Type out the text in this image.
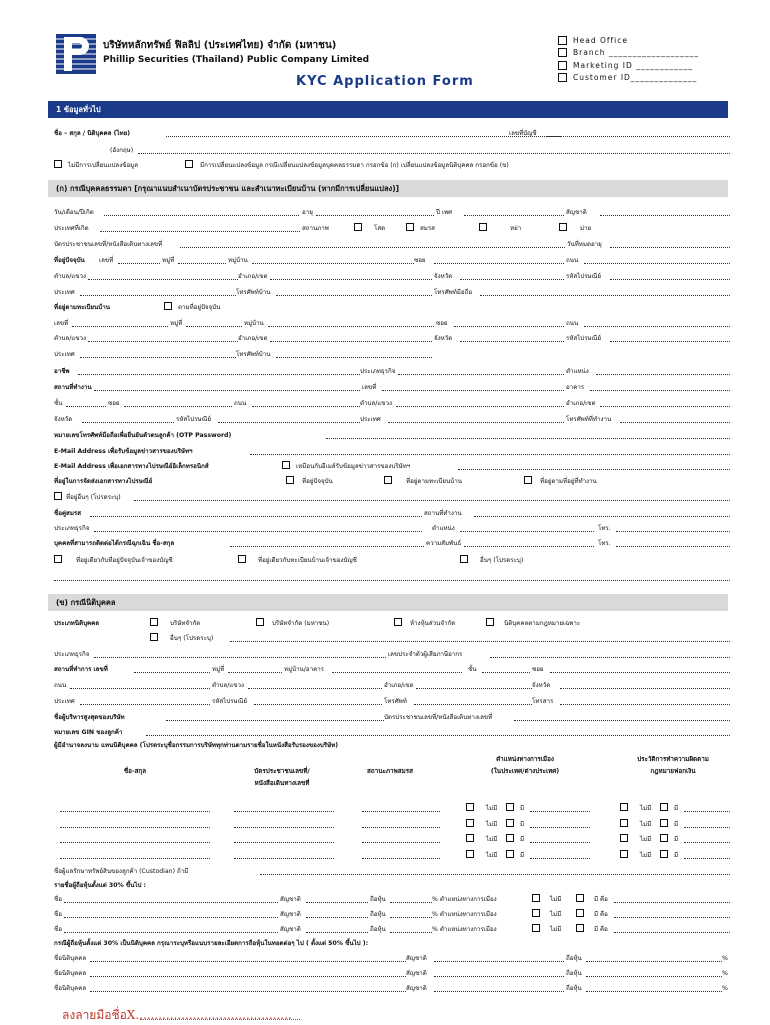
บริษัทหลักทรัพย์ ฟิลลิป (ประเทศไทย) จำกัด (มหาชน)
Phillip Securities (Thailand) Public Company Limited
KYC Application Form
Head Office
Branch ___________________
Marketing ID ____________
Customer ID______________
1 ข้อมูลทั่วไป
ชื่อ – สกุล / นิติบุคคล (ไทย)	เลขที่บัญชี
(อังกฤษ)
ไม่มีการเปลี่ยนแปลงข้อมูล	มีการเปลี่ยนแปลงข้อมูล กรณีเปลี่ยนแปลงข้อมูลบุคคลธรรมดา กรอกข้อ (ก) เปลี่ยนแปลงข้อมูลนิติบุคคล กรอกข้อ (ข)
(ก) กรณีบุคคลธรรมดา [กรุณาแนบสำเนาบัตรประชาชน และสำเนาทะเบียนบ้าน (หากมีการเปลี่ยนแปลง)]
วัน/เดือน/ปีเกิด	อายุ	ปี เพศ	สัญชาติ
ประเทศที่เกิด	สถานภาพ	โสด	สมรส	หย่า	ม่าย
บัตรประชาชนเลขที่/หนังสือเดินทางเลขที่	วันที่หมดอายุ
ที่อยู่ปัจจุบัน เลขที่	หมู่ที่	หมู่บ้าน	ซอย	ถนน
ตำบล/แขวง	อำเภอ/เขต	จังหวัด	รหัสไปรษณีย์
ประเทศ	โทรศัพท์บ้าน	โทรศัพท์มือถือ
ที่อยู่ตามทะเบียนบ้าน	ตามที่อยู่ปัจจุบัน
เลขที่	หมู่ที่	หมู่บ้าน	ซอย	ถนน
ตำบล/แขวง	อำเภอ/เขต	จังหวัด	รหัสไปรษณีย์
ประเทศ	โทรศัพท์บ้าน
อาชีพ	ประเภทธุรกิจ	ตำแหน่ง
สถานที่ทำงาน	เลขที่	อาคาร
ชั้น	ซอย	ถนน	ตำบล/แขวง	อำเภอ/เขต
จังหวัด	รหัสไปรษณีย์	ประเทศ	โทรศัพท์ที่ทำงาน
หมายเลขโทรศัพท์มือถือเพื่อยืนยันตัวตนลูกค้า (OTP Password)
E-Mail Address เพื่อรับข้อมูลข่าวสารของบริษัทฯ
E-Mail Address เพื่อเอกสารทางไปรษณีย์อิเล็กทรอนิกส์	เหมือนกับอีเมล์รับข้อมูลข่าวสารของบริษัทฯ
ที่อยู่ในการจัดส่งเอกสารทางไปรษณีย์	ที่อยู่ปัจจุบัน	ที่อยู่ตามทะเบียนบ้าน	ที่อยู่ตามที่อยู่ที่ทำงาน
ที่อยู่อื่นๆ (โปรดระบุ)
ชื่อคู่สมรส	สถานที่ทำงาน
ประเภทธุรกิจ	ตำแหน่ง	โทร.
บุคคลที่สามารถติดต่อได้กรณีฉุกเฉิน ชื่อ-สกุล	ความสัมพันธ์	โทร.
ที่อยู่เดียวกับที่อยู่ปัจจุบันเจ้าของบัญชี	ที่อยู่เดียวกับทะเบียนบ้านเจ้าของบัญชี	อื่นๆ (โปรดระบุ)
(ข) กรณีนิติบุคคล
ประเภทนิติบุคคล	บริษัทจำกัด	บริษัทจำกัด (มหาชน)	ห้างหุ้นส่วนจำกัด	นิติบุคคลตามกฎหมายเฉพาะ
อื่นๆ (โปรดระบุ)
ประเภทธุรกิจ	เลขประจำตัวผู้เสียภาษีอากร
สถานที่ทำการ เลขที่	หมู่ที่	หมู่บ้าน/อาคาร	ชั้น	ซอย
ถนน	ตำบล/แขวง	อำเภอ/เขต	จังหวัด
ประเทศ	รหัสไปรษณีย์	โทรศัพท์	โทรสาร
ชื่อผู้บริหารสูงสุดของบริษัท	บัตรประชาชนเลขที่/หนังสือเดินทางเลขที่
หมายเลข GIN ของลูกค้า
ผู้มีอำนาจลงนาม แทนนิติบุคคล (โปรดระบุชื่อกรรมการบริษัททุกท่านตามรายชื่อในหนังสือรับรองของบริษัท)
ชื่อ-สกุล	บัตรประชาชนเลขที่/
หนังสือเดินทางเลขที่
สถานะภาพสมรส
ตำแหน่งทางการเมือง
(ในประเทศ/ต่างประเทศ)
ประวัติการทำความผิดตาม
กฎหมายฟอกเงิน
ไม่มี	มี	ไม่มี	มี
ไม่มี	มี	ไม่มี	มี
ไม่มี	มี	ไม่มี	มี
ไม่มี	มี	ไม่มี	มี
ชื่อผู้แลรักษาทรัพย์สินของลูกค้า (Custodian) ถ้ามี
รายชื่อผู้ถือหุ้นตั้งแต่ 30% ขึ้นไป :
ชื่อ	สัญชาติ	ถือหุ้น	% ตำแหน่งทางการเมือง	ไม่มี	มี คือ
ชื่อ	สัญชาติ	ถือหุ้น	% ตำแหน่งทางการเมือง	ไม่มี	มี คือ
ชื่อ	สัญชาติ	ถือหุ้น	% ตำแหน่งทางการเมือง	ไม่มี	มี คือ
กรณีผู้ถือหุ้นตั้งแต่ 30% เป็นนิติบุคคล กรุณาระบุหรือแนบรายละเอียดการถือหุ้นในทอดต่อๆ ไป ( ตั้งแต่ 50% ขึ้นไป ):
ชื่อนิติบุคคล	สัญชาติ	ถือหุ้น	%
ชื่อนิติบุคคล	สัญชาติ	ถือหุ้น	%
ชื่อนิติบุคคล	สัญชาติ	ถือหุ้น	%
ลงลายมือชื่อX.........................................
